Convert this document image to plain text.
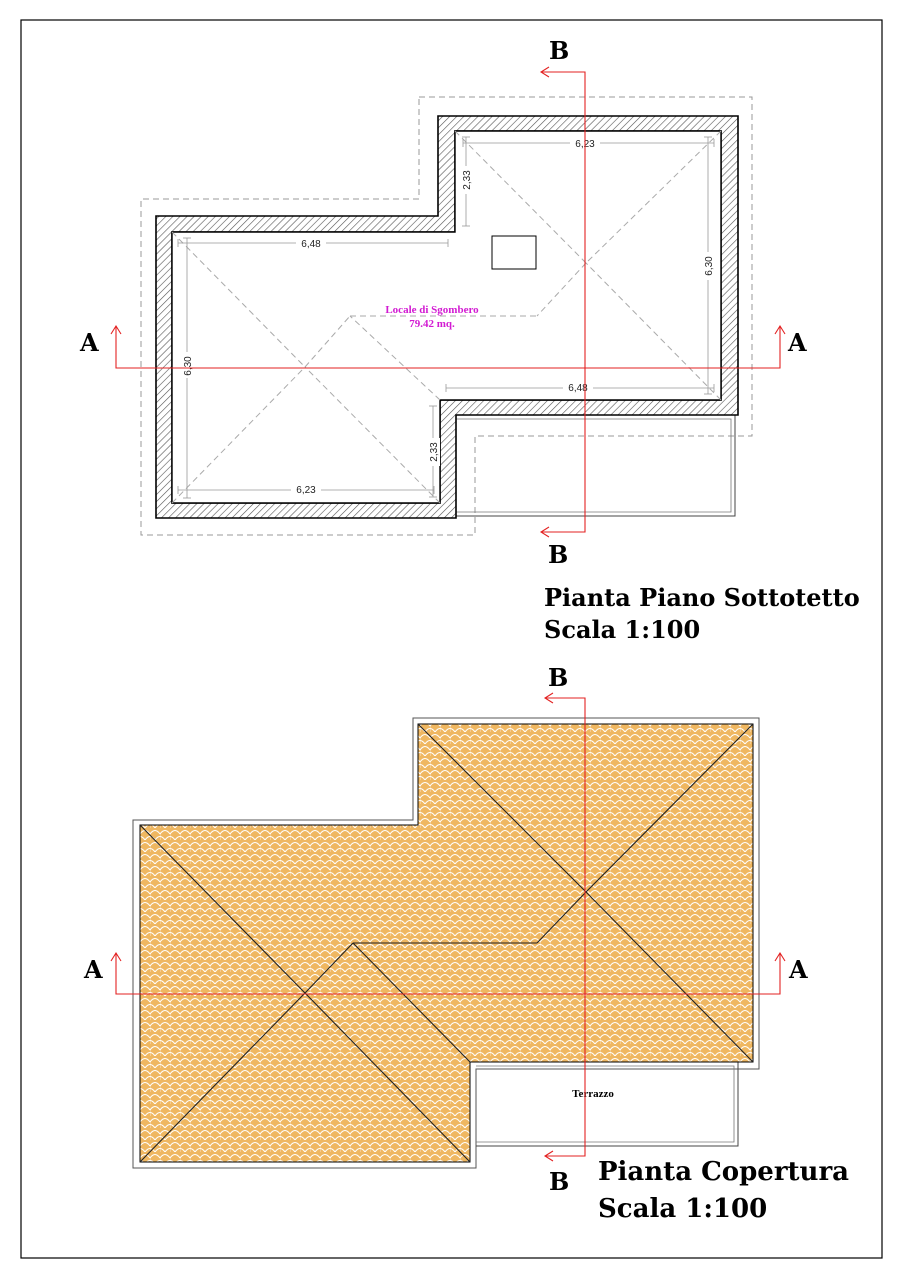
6,23
6,48
6,30
6,30
2,33
6,48
2,33
6,23
Locale di Sgombero
79.42 mq.
A	A
B
B
Pianta Piano Sottotetto
Scala 1:100
Terrazzo
A	A
B
B Pianta Copertura
Scala 1:100
